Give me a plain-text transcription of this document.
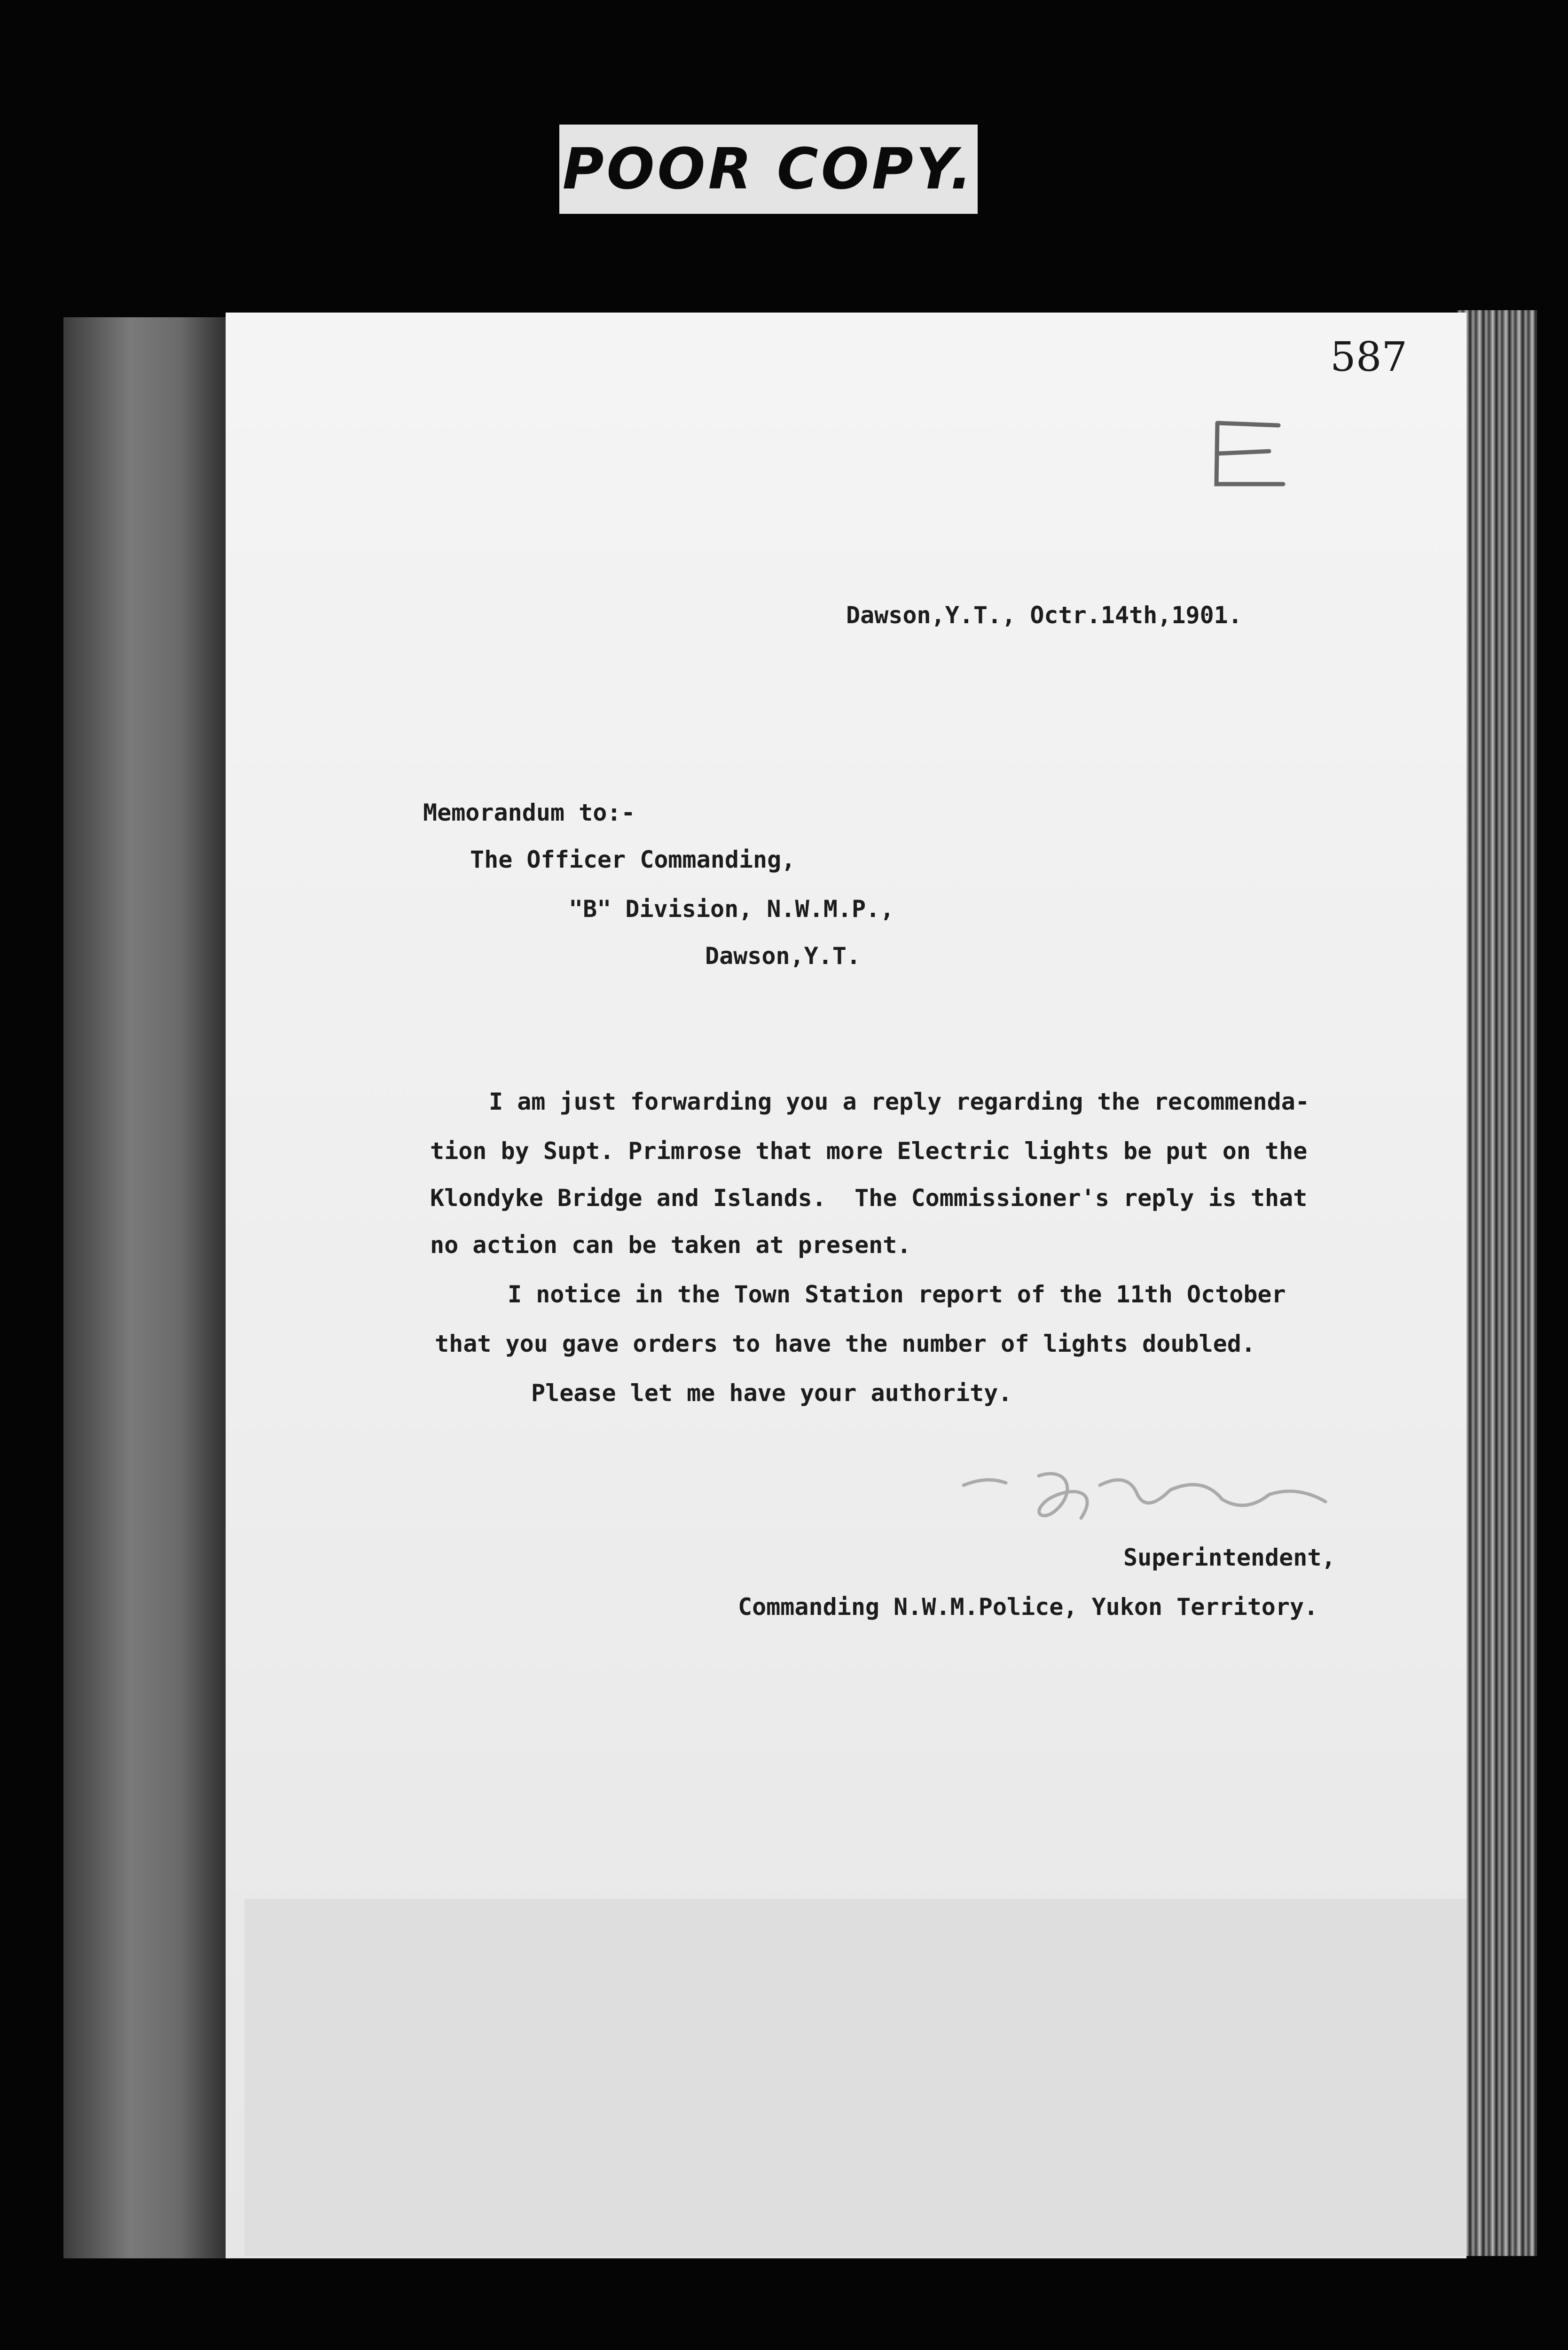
POOR COPY.
587
Dawson,Y.T., Octr.14th,1901.
Memorandum to:-
The Officer Commanding,
"B" Division, N.W.M.P.,
Dawson,Y.T.
I am just forwarding you a reply regarding the recommenda-
tion by Supt. Primrose that more Electric lights be put on the
Klondyke Bridge and Islands.  The Commissioner's reply is that
no action can be taken at present.
I notice in the Town Station report of the 11th October
that you gave orders to have the number of lights doubled.
Please let me have your authority.
Superintendent,
Commanding N.W.M.Police, Yukon Territory.
